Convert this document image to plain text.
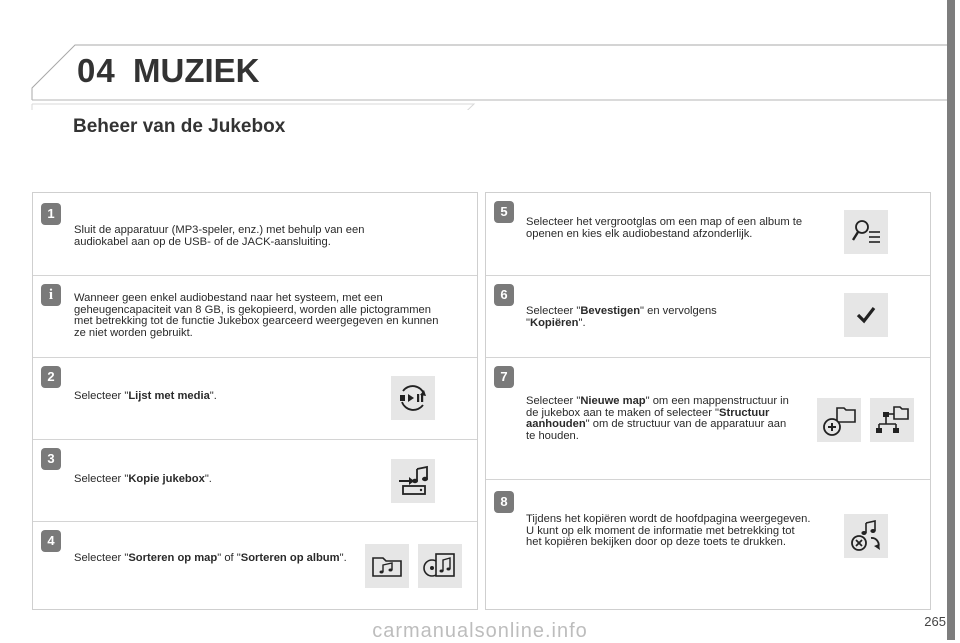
04 MUZIEK
Beheer van de Jukebox
1
Sluit de apparatuur (MP3-speler, enz.) met behulp van een audiokabel aan op de USB- of de JACK-aansluiting.
i	Wanneer geen enkel audiobestand naar het systeem, met een geheugencapaciteit van 8 GB, is gekopieerd, worden alle pictogrammen met betrekking tot de functie Jukebox gearceerd weergegeven en kunnen ze niet worden gebruikt.
2
Selecteer "Lijst met media".
3
Selecteer "Kopie jukebox".
4
Selecteer "Sorteren op map" of "Sorteren op album".
5
Selecteer het vergrootglas om een map of een album te openen en kies elk audiobestand afzonderlijk.
6
Selecteer "Bevestigen" en vervolgens "Kopiëren".
7
Selecteer "Nieuwe map" om een mappenstructuur in de jukebox aan te maken of selecteer "Structuur aanhouden" om de structuur van de apparatuur aan te houden.
8
Tijdens het kopiëren wordt de hoofdpagina weergegeven. U kunt op elk moment de informatie met betrekking tot het kopiëren bekijken door op deze toets te drukken.
265
carmanualsonline.info
